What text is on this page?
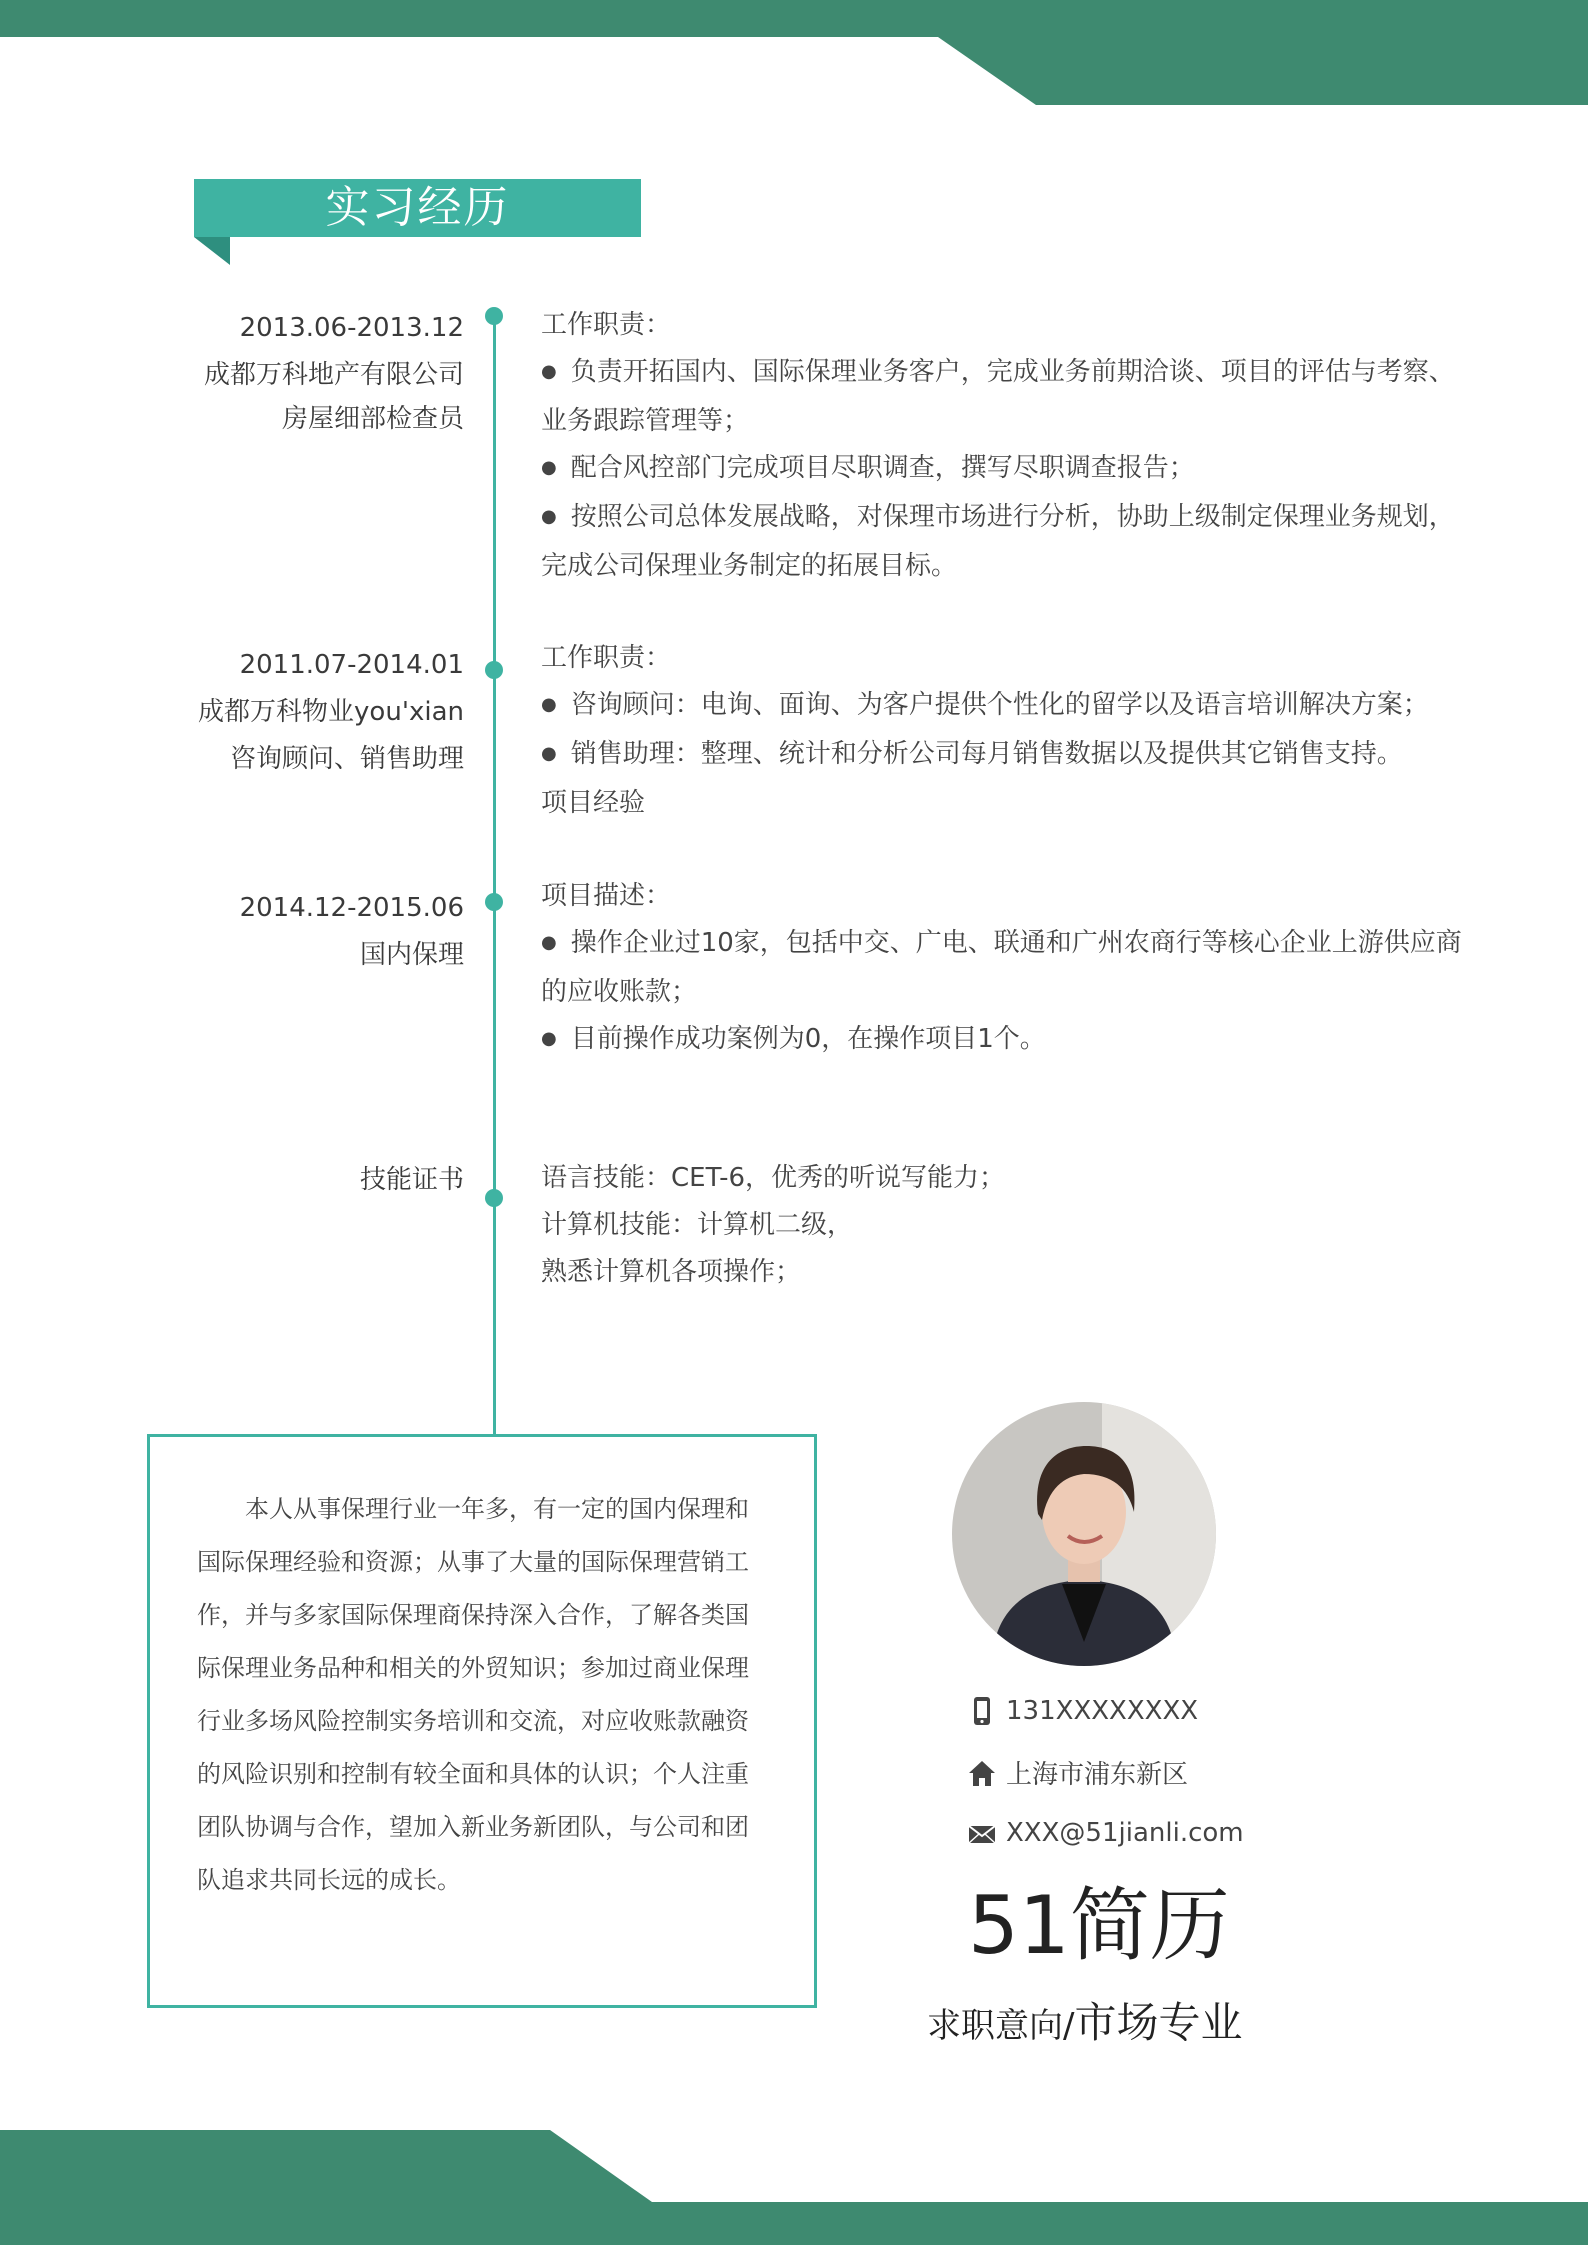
实习经历
2013.06-2013.12
成都万科地产有限公司
房屋细部检查员

工作职责：

● 负责开拓国内、国际保理业务客户，完成业务前期洽谈、项目的评估与考察、业务跟踪管理等；

● 配合风控部门完成项目尽职调查，撰写尽职调查报告；

● 按照公司总体发展战略，对保理市场进行分析，协助上级制定保理业务规划，完成公司保理业务制定的拓展目标。

2011.07-2014.01
成都万科物业you'xian
咨询顾问、销售助理

工作职责：

● 咨询顾问：电询、面询、为客户提供个性化的留学以及语言培训解决方案；

● 销售助理：整理、统计和分析公司每月销售数据以及提供其它销售支持。

项目经验

2014.12-2015.06
国内保理

项目描述：

● 操作企业过10家，包括中交、广电、联通和广州农商行等核心企业上游供应商的应收账款；

● 目前操作成功案例为0，在操作项目1个。

技能证书	语言技能：CET-6，优秀的听说写能力；

计算机技能：计算机二级，

熟悉计算机各项操作；

本人从事保理行业一年多，有一定的国内保理和国际保理经验和资源；从事了大量的国际保理营销工作，并与多家国际保理商保持深入合作，了解各类国际保理业务品种和相关的外贸知识；参加过商业保理行业多场风险控制实务培训和交流，对应收账款融资的风险识别和控制有较全面和具体的认识；个人注重团队协调与合作，望加入新业务新团队，与公司和团队追求共同长远的成长。
131XXXXXXXX
上海市浦东新区
XXX@51jianli.com
51简历
求职意向/市场专业
